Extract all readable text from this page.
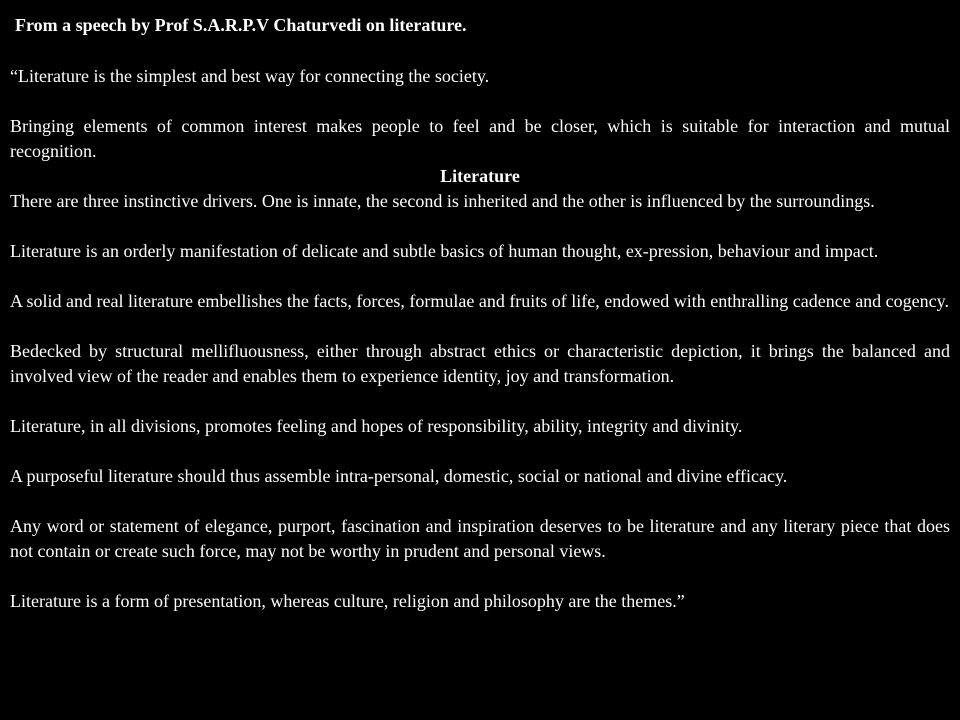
From a speech by Prof S.A.R.P.V Chaturvedi on literature.

“Literature is the simplest and best way for connecting the society.

Bringing elements of common interest makes people to feel and be closer, which is suitable for interaction and mutual recognition.

Literature

There are three instinctive drivers. One is innate, the second is inherited and the other is influenced by the surroundings.

Literature is an orderly manifestation of delicate and subtle basics of human thought, ex-pression, behaviour and impact.

A solid and real literature embellishes the facts, forces, formulae and fruits of life, endowed with enthralling cadence and cogency.

Bedecked by structural mellifluousness, either through abstract ethics or characteristic depiction, it brings the balanced and involved view of the reader and enables them to experience identity, joy and transformation.

Literature, in all divisions, promotes feeling and hopes of responsibility, ability, integrity and divinity.

A purposeful literature should thus assemble intra-personal, domestic, social or national and divine efficacy.

Any word or statement of elegance, purport, fascination and inspiration deserves to be literature and any literary piece that does not contain or create such force, may not be worthy in prudent and personal views.

Literature is a form of presentation, whereas culture, religion and philosophy are the themes.”
